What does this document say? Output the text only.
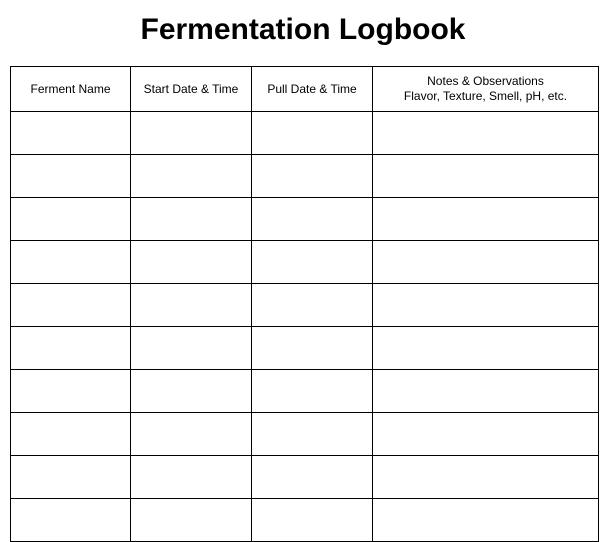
Fermentation Logbook
Ferment Name	Start Date & Time	Pull Date & Time	Notes & Observations
Flavor, Texture, Smell, pH, etc.
